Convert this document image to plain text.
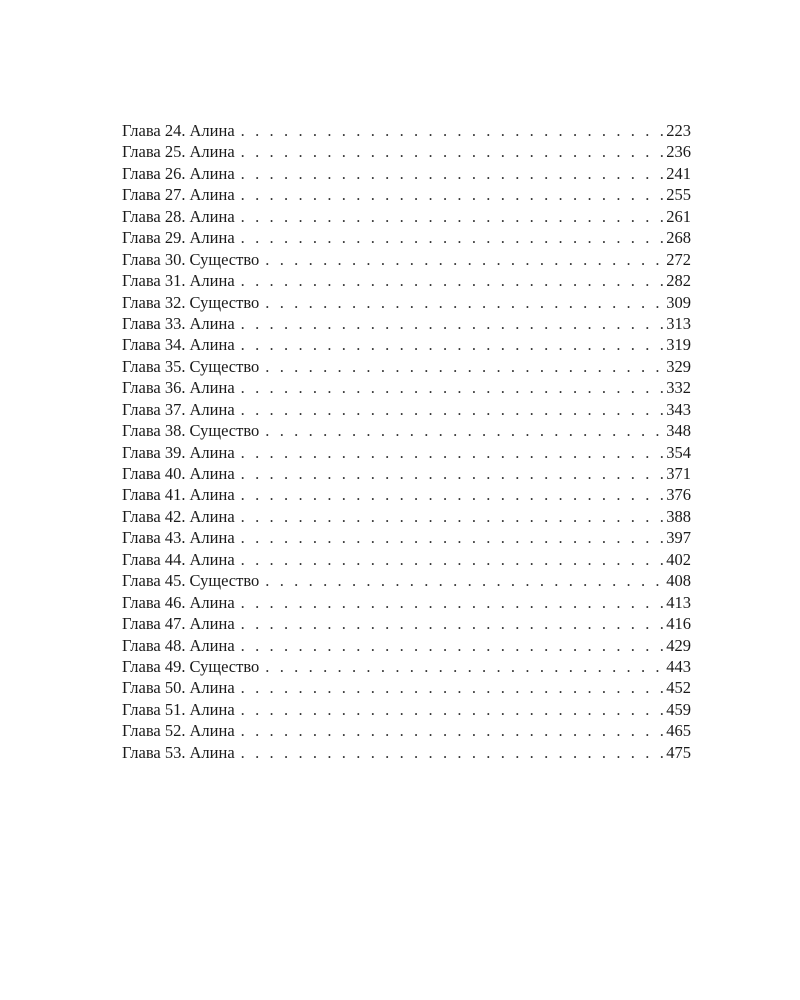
Глава 24. Алина . . .	223
Глава 25. Алина . . .	236
Глава 26. Алина . . .	241
Глава 27. Алина . . .	255
Глава 28. Алина . . .	261
Глава 29. Алина . . .	268
Глава 30. Существо . . .	272
Глава 31. Алина . . .	282
Глава 32. Существо . . .	309
Глава 33. Алина . . .	313
Глава 34. Алина . . .	319
Глава 35. Существо . . .	329
Глава 36. Алина . . .	332
Глава 37. Алина . . .	343
Глава 38. Существо . . .	348
Глава 39. Алина . . .	354
Глава 40. Алина . . .	371
Глава 41. Алина . . .	376
Глава 42. Алина . . .	388
Глава 43. Алина . . .	397
Глава 44. Алина . . .	402
Глава 45. Существо . . .	408
Глава 46. Алина . . .	413
Глава 47. Алина . . .	416
Глава 48. Алина . . .	429
Глава 49. Существо . . .	443
Глава 50. Алина . . .	452
Глава 51. Алина . . .	459
Глава 52. Алина . . .	465
Глава 53. Алина . . .	475
